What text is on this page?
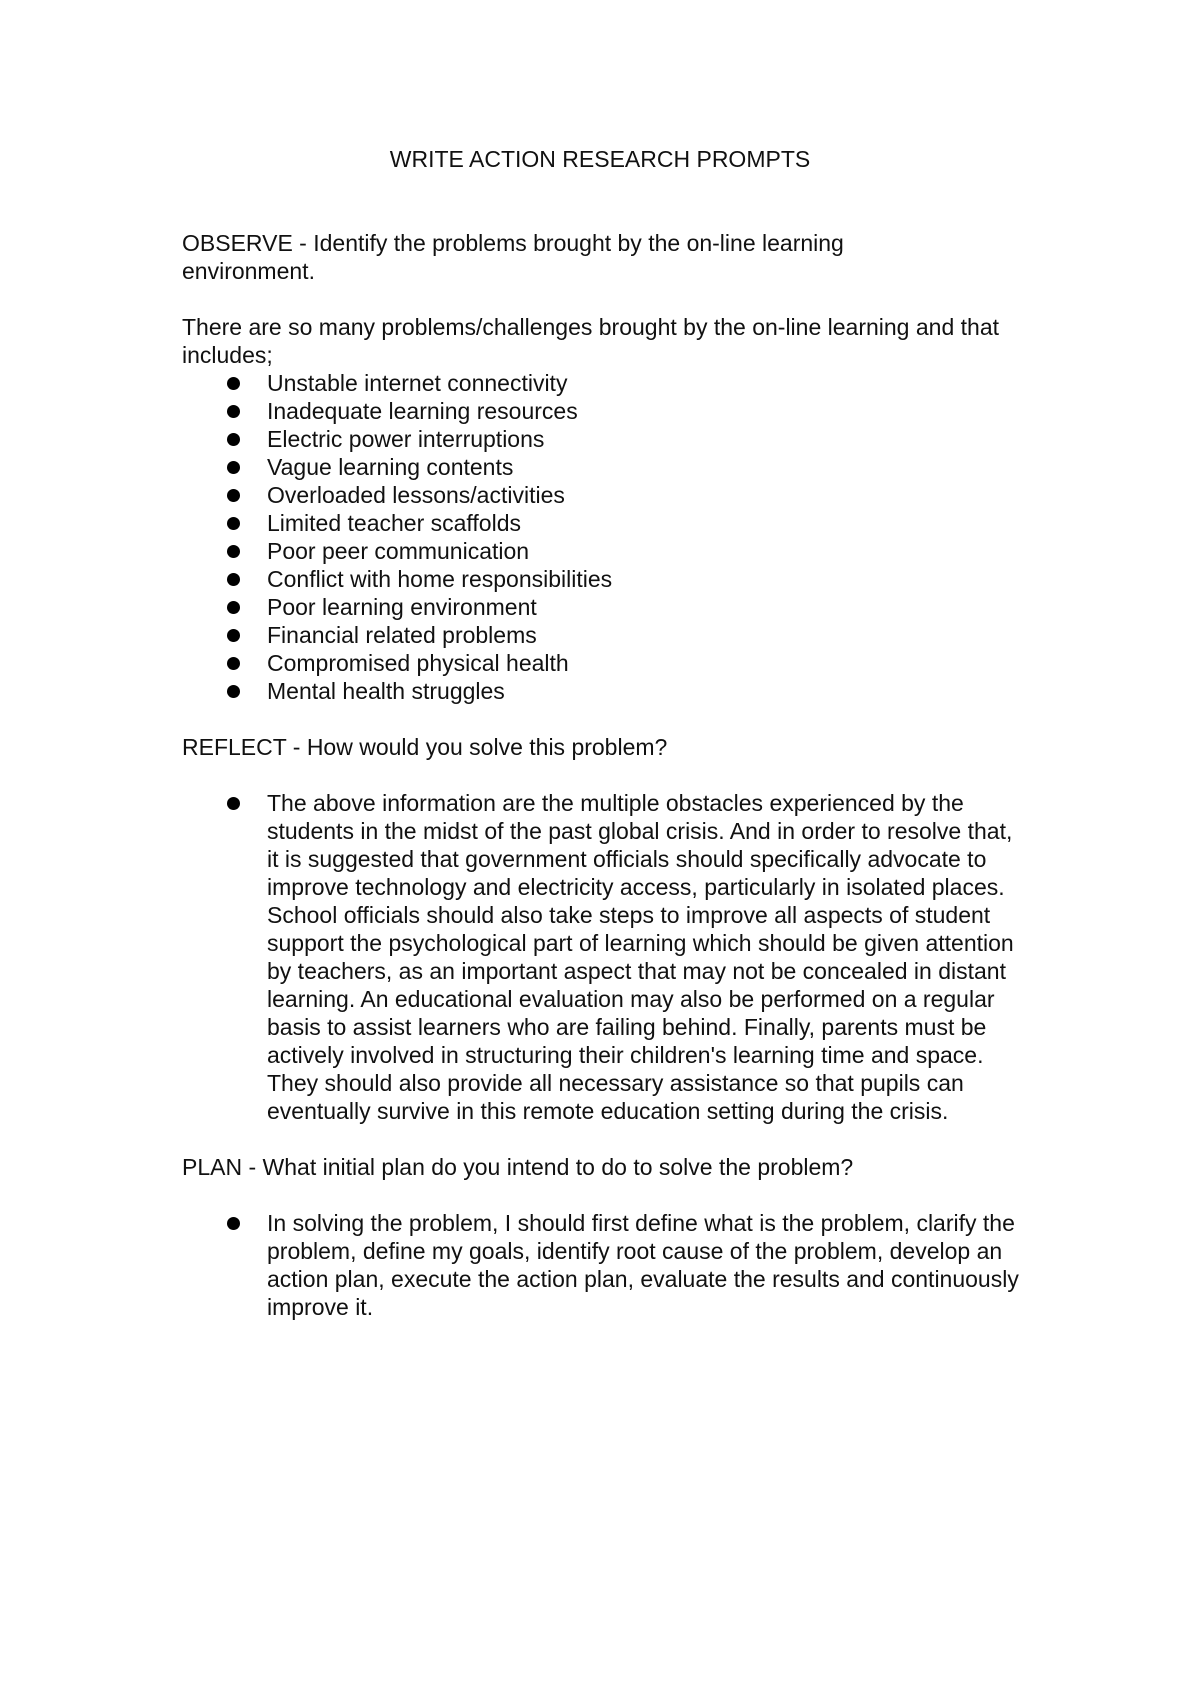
WRITE ACTION RESEARCH PROMPTS

OBSERVE - Identify the problems brought by the on-line learning environment.

There are so many problems/challenges brought by the on-line learning and that includes;

Unstable internet connectivity
Inadequate learning resources
Electric power interruptions
Vague learning contents
Overloaded lessons/activities
Limited teacher scaffolds
Poor peer communication
Conflict with home responsibilities
Poor learning environment
Financial related problems
Compromised physical health
Mental health struggles

REFLECT - How would you solve this problem?

The above information are the multiple obstacles experienced by the students in the midst of the past global crisis. And in order to resolve that, it is suggested that government officials should specifically advocate to improve technology and electricity access, particularly in isolated places. School officials should also take steps to improve all aspects of student support the psychological part of learning which should be given attention by teachers, as an important aspect that may not be concealed in distant learning. An educational evaluation may also be performed on a regular basis to assist learners who are failing behind. Finally, parents must be actively involved in structuring their children's learning time and space. They should also provide all necessary assistance so that pupils can eventually survive in this remote education setting during the crisis.

PLAN - What initial plan do you intend to do to solve the problem?

In solving the problem, I should first define what is the problem, clarify the problem, define my goals, identify root cause of the problem, develop an action plan, execute the action plan, evaluate the results and continuously improve it.
